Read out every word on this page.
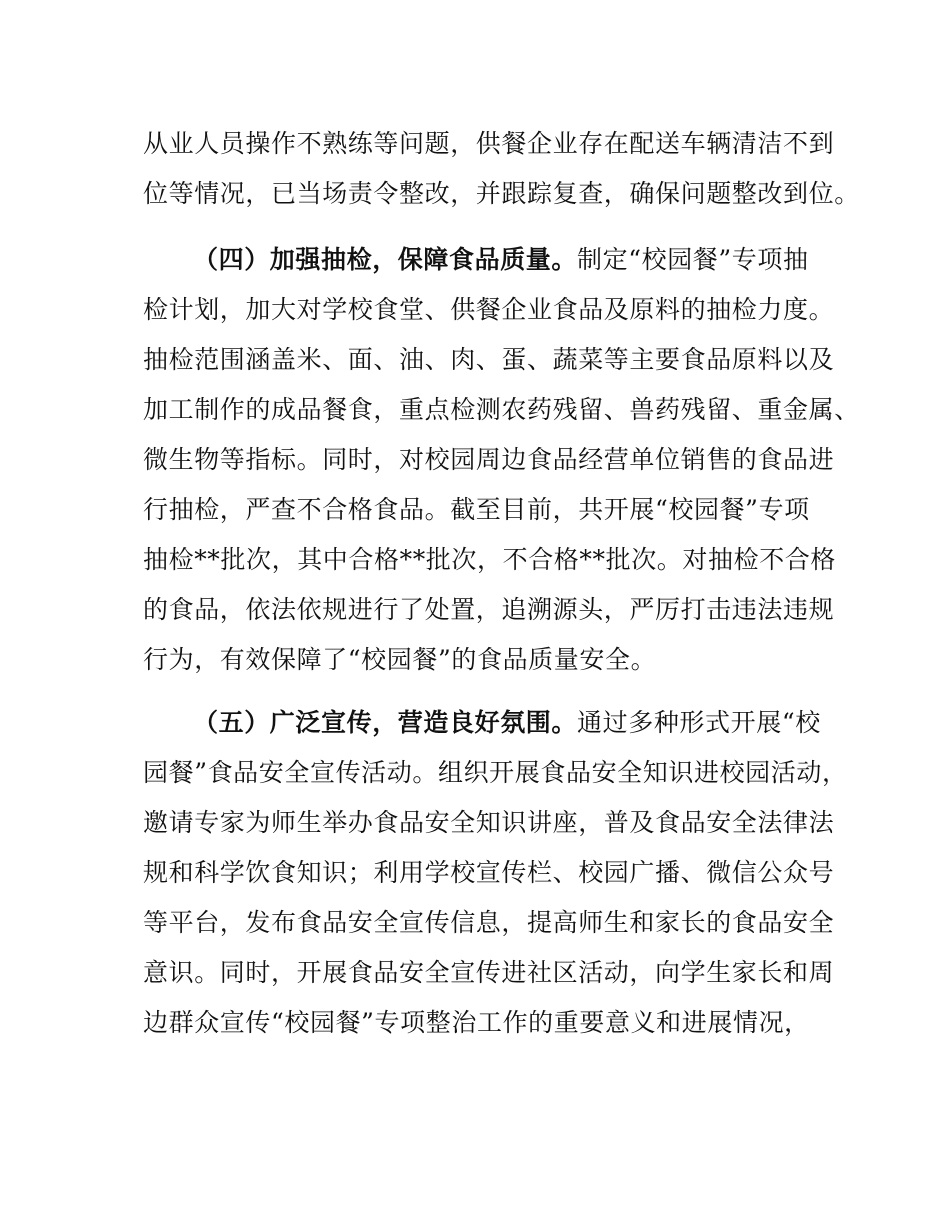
从业人员操作不熟练等问题，供餐企业存在配送车辆清洁不到
位等情况，已当场责令整改，并跟踪复查，确保问题整改到位。
（四）加强抽检，保障食品质量。制定“校园餐”专项抽
检计划，加大对学校食堂、供餐企业食品及原料的抽检力度。
抽检范围涵盖米、面、油、肉、蛋、蔬菜等主要食品原料以及
加工制作的成品餐食，重点检测农药残留、兽药残留、重金属、
微生物等指标。同时，对校园周边食品经营单位销售的食品进
行抽检，严查不合格食品。截至目前，共开展“校园餐”专项
抽检**批次，其中合格**批次，不合格**批次。对抽检不合格
的食品，依法依规进行了处置，追溯源头，严厉打击违法违规
行为，有效保障了“校园餐”的食品质量安全。
（五）广泛宣传，营造良好氛围。通过多种形式开展“校
园餐”食品安全宣传活动。组织开展食品安全知识进校园活动，
邀请专家为师生举办食品安全知识讲座，普及食品安全法律法
规和科学饮食知识；利用学校宣传栏、校园广播、微信公众号
等平台，发布食品安全宣传信息，提高师生和家长的食品安全
意识。同时，开展食品安全宣传进社区活动，向学生家长和周
边群众宣传“校园餐”专项整治工作的重要意义和进展情况，
